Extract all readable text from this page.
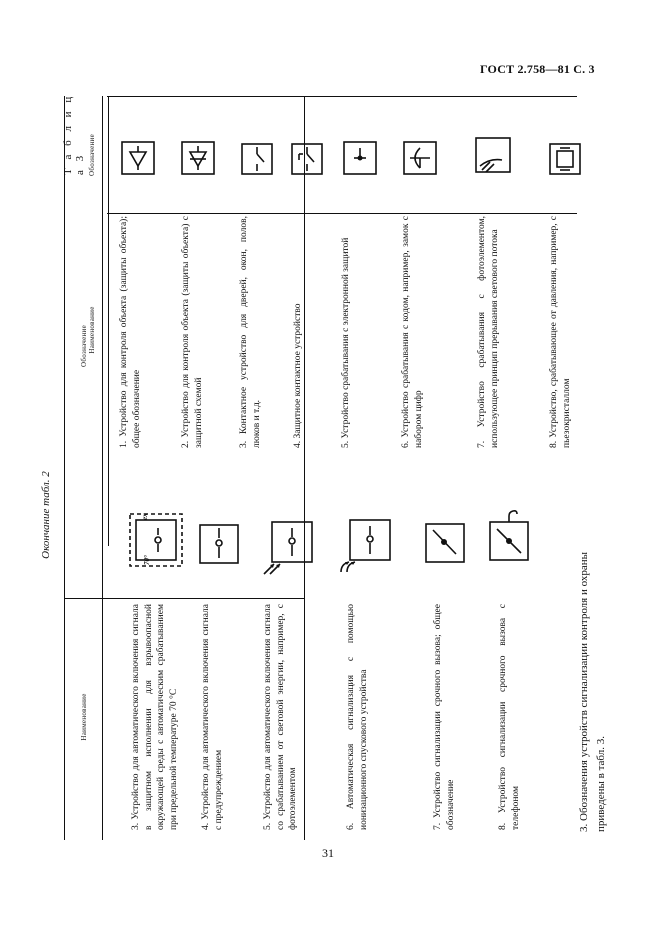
ГОСТ 2.758—81 С. 3
31
Окончание табл. 2
Наименование
Обозначение
3. Устройство для автоматического включения сигнала в защитном исполнении для взрывоопасной окружающей среды с автоматическим срабатыванием при предельной температуре 70 °С	4. Устройство для автоматического включения сигнала с предупреждением	5. Устройство для автоматического включения сигнала со срабатыванием от световой энергии, например, с фотоэлементом	6. Автоматическая сигнализация с помощью ионизационного спускового устройства	7. Устройство сигнализации срочного вызова; общее обозначение	8. Устройство сигнализации срочного вызова с телефоном	3. Обозначения устройств сигнализации контроля и охраны приведены в табл. 3.
Т а б л и ц а 3
Наименование
Обозначение
1. Устройство для контроля объекта (защиты объекта); общее обозначение	2. Устройство для контроля объекта (защиты объекта) с защитной схемой	3. Контактное устройство для дверей, окон, полов, люков и т.д.	4. Защитное контактное устройство	5. Устройство срабатывания с электронной защитой	6. Устройство срабатывания с кодом, например, замок с набором цифр	7. Устройство срабатывания с фотоэлементом, использующее принцип прерывания светового потока	8. Устройство, срабатывающее от давления, например, с пьезокристаллом
ex
70°
